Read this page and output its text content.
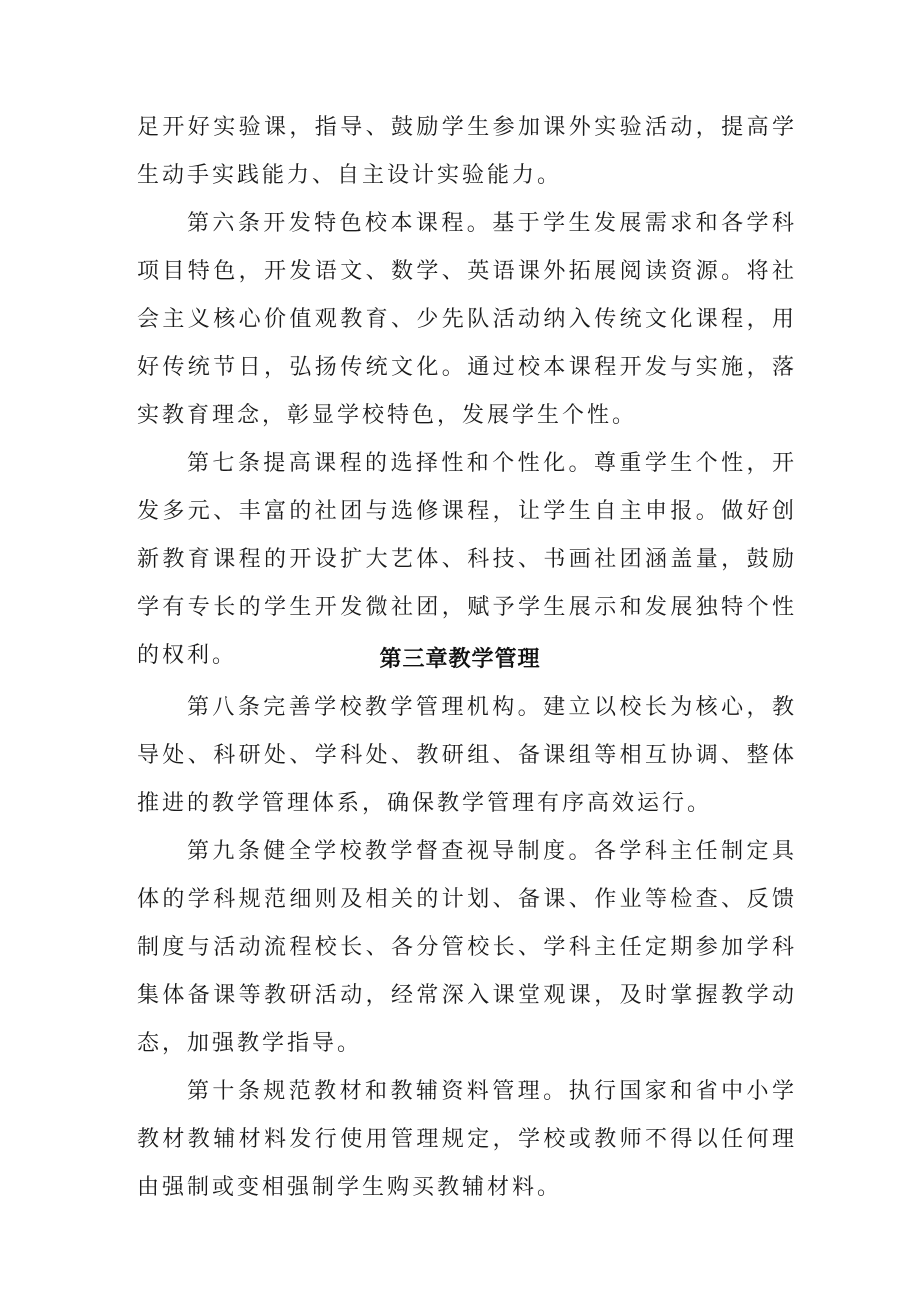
足开好实验课，指导、鼓励学生参加课外实验活动，提高学生动手实践能力、自主设计实验能力。

第六条开发特色校本课程。基于学生发展需求和各学科项目特色，开发语文、数学、英语课外拓展阅读资源。将社会主义核心价值观教育、少先队活动纳入传统文化课程，用好传统节日，弘扬传统文化。通过校本课程开发与实施，落实教育理念，彰显学校特色，发展学生个性。

第七条提高课程的选择性和个性化。尊重学生个性，开发多元、丰富的社团与选修课程，让学生自主申报。做好创新教育课程的开设扩大艺体、科技、书画社团涵盖量，鼓励学有专长的学生开发微社团，赋予学生展示和发展独特个性的权利。	第三章教学管理

第八条完善学校教学管理机构。建立以校长为核心，教导处、科研处、学科处、教研组、备课组等相互协调、整体推进的教学管理体系，确保教学管理有序高效运行。

第九条健全学校教学督查视导制度。各学科主任制定具体的学科规范细则及相关的计划、备课、作业等检查、反馈制度与活动流程校长、各分管校长、学科主任定期参加学科集体备课等教研活动，经常深入课堂观课，及时掌握教学动态，加强教学指导。

第十条规范教材和教辅资料管理。执行国家和省中小学教材教辅材料发行使用管理规定，学校或教师不得以任何理由强制或变相强制学生购买教辅材料。
